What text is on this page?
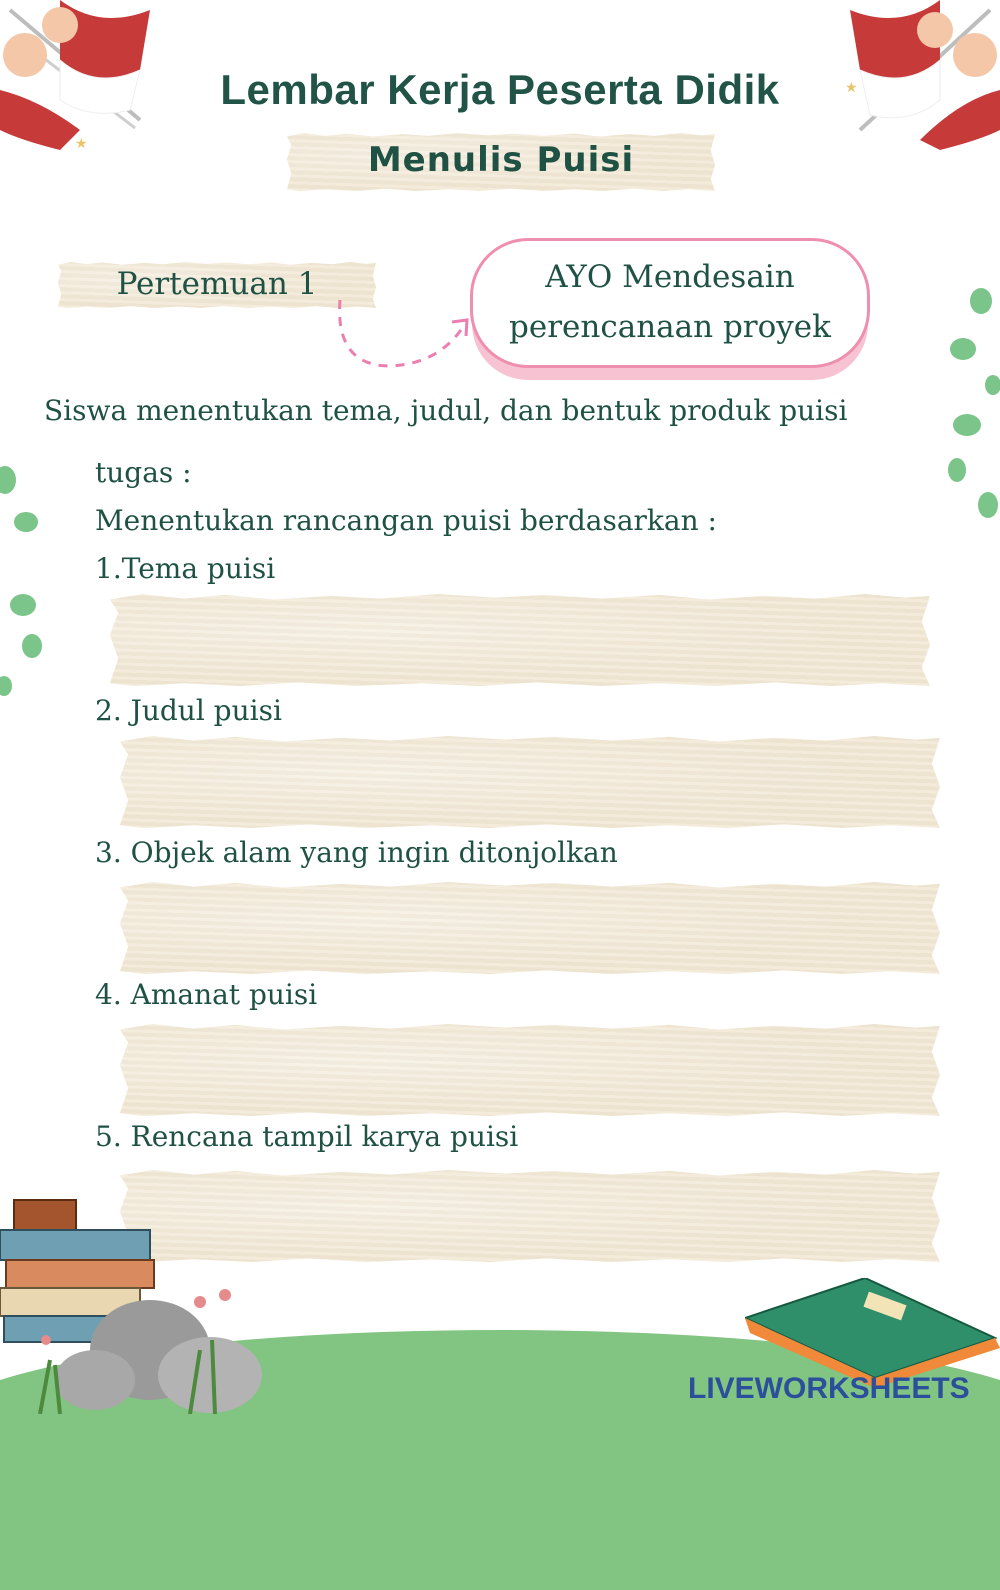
★
★
Lembar Kerja Peserta Didik
Menulis Puisi
Pertemuan 1	AYO Mendesain
perencanaan proyek
Siswa menentukan tema, judul, dan bentuk produk puisi
tugas :
Menentukan rancangan puisi berdasarkan :
1.Tema puisi
2. Judul puisi
3. Objek alam yang ingin ditonjolkan
4. Amanat puisi
5. Rencana tampil karya puisi
LIVEWORKSHEETS
